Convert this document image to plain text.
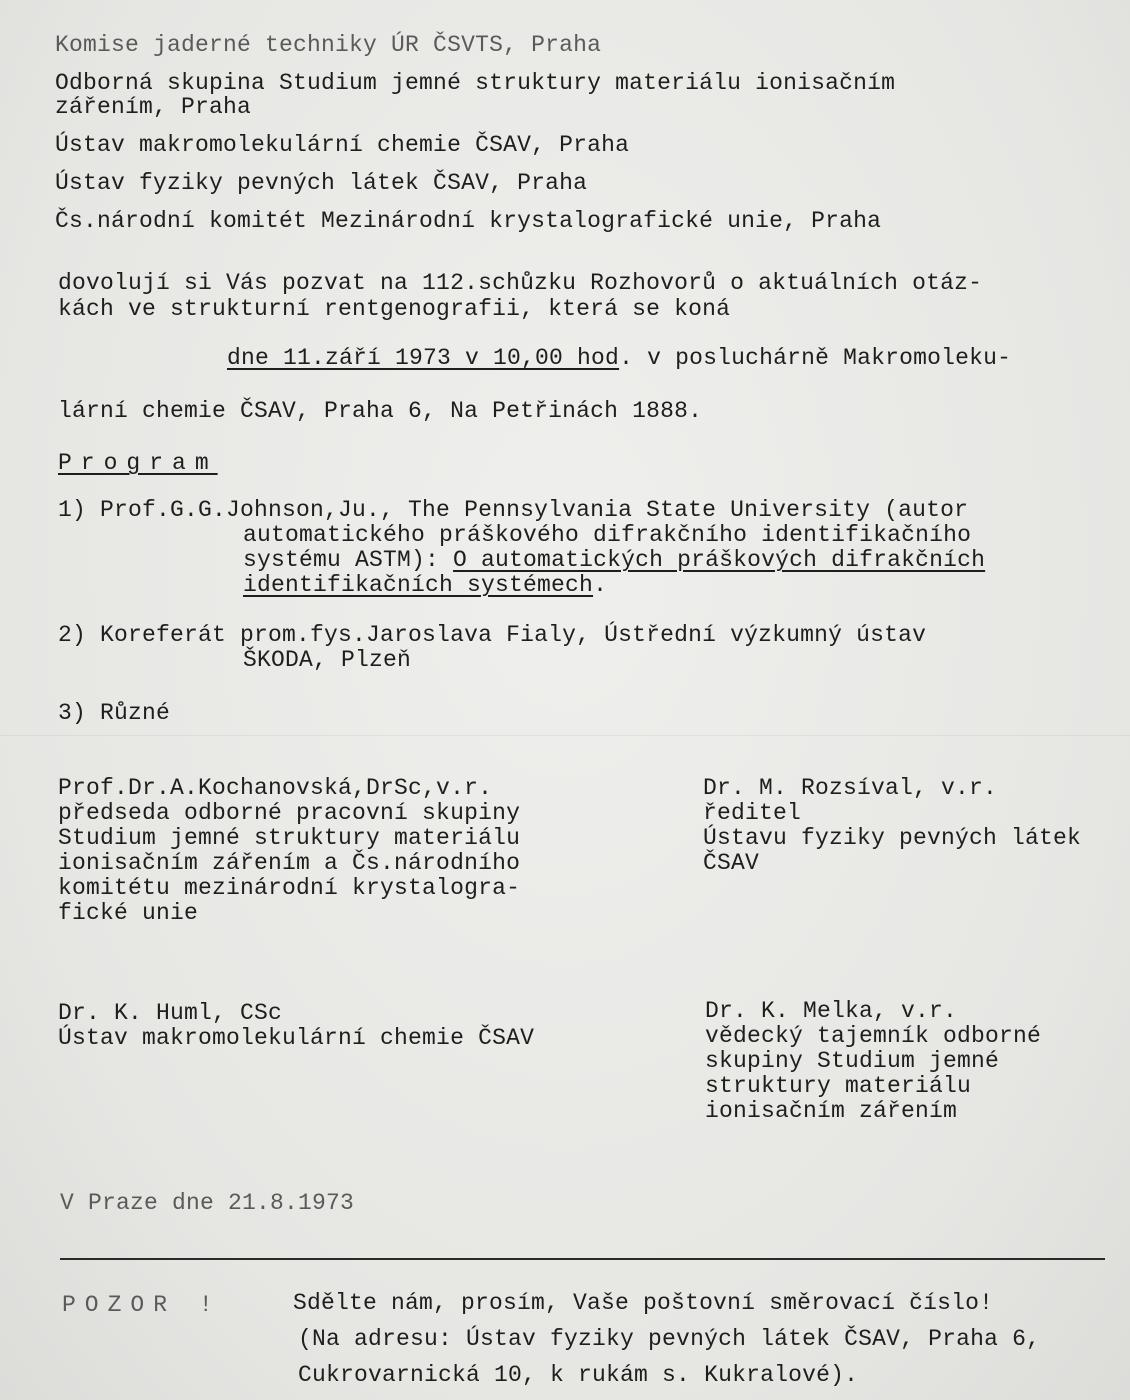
Komise jaderné techniky ÚR ČSVTS, Praha
Odborná skupina Studium jemné struktury materiálu ionisačním
zářením, Praha
Ústav makromolekulární chemie ČSAV, Praha
Ústav fyziky pevných látek ČSAV, Praha
Čs.národní komitét Mezinárodní krystalografické unie, Praha
dovolují si Vás pozvat na 112.schůzku Rozhovorů o aktuálních otáz-
kách ve strukturní rentgenografii, která se koná
dne 11.září 1973 v 10,00 hod. v posluchárně Makromoleku-
lární chemie ČSAV, Praha 6, Na Petřinách 1888.
Program
1) Prof.G.G.Johnson,Ju., The Pennsylvania State University (autor
automatického práškového difrakčního identifikačního
systému ASTM): O automatických práškových difrakčních
identifikačních systémech.
2) Koreferát prom.fys.Jaroslava Fialy, Ústřední výzkumný ústav
ŠKODA, Plzeň
3) Různé
Prof.Dr.A.Kochanovská,DrSc,v.r.
předseda odborné pracovní skupiny
Studium jemné struktury materiálu
ionisačním zářením a Čs.národního
komitétu mezinárodní krystalogra-
fické unie
Dr. M. Rozsíval, v.r.
ředitel
Ústavu fyziky pevných látek
ČSAV
Dr. K. Huml, CSc
Ústav makromolekulární chemie ČSAV
Dr. K. Melka, v.r.
vědecký tajemník odborné
skupiny Studium jemné
struktury materiálu
ionisačním zářením
V Praze dne 21.8.1973
POZOR !	Sdělte nám, prosím, Vaše poštovní směrovací číslo!
(Na adresu: Ústav fyziky pevných látek ČSAV, Praha 6,
Cukrovarnická 10, k rukám s. Kukralové).
